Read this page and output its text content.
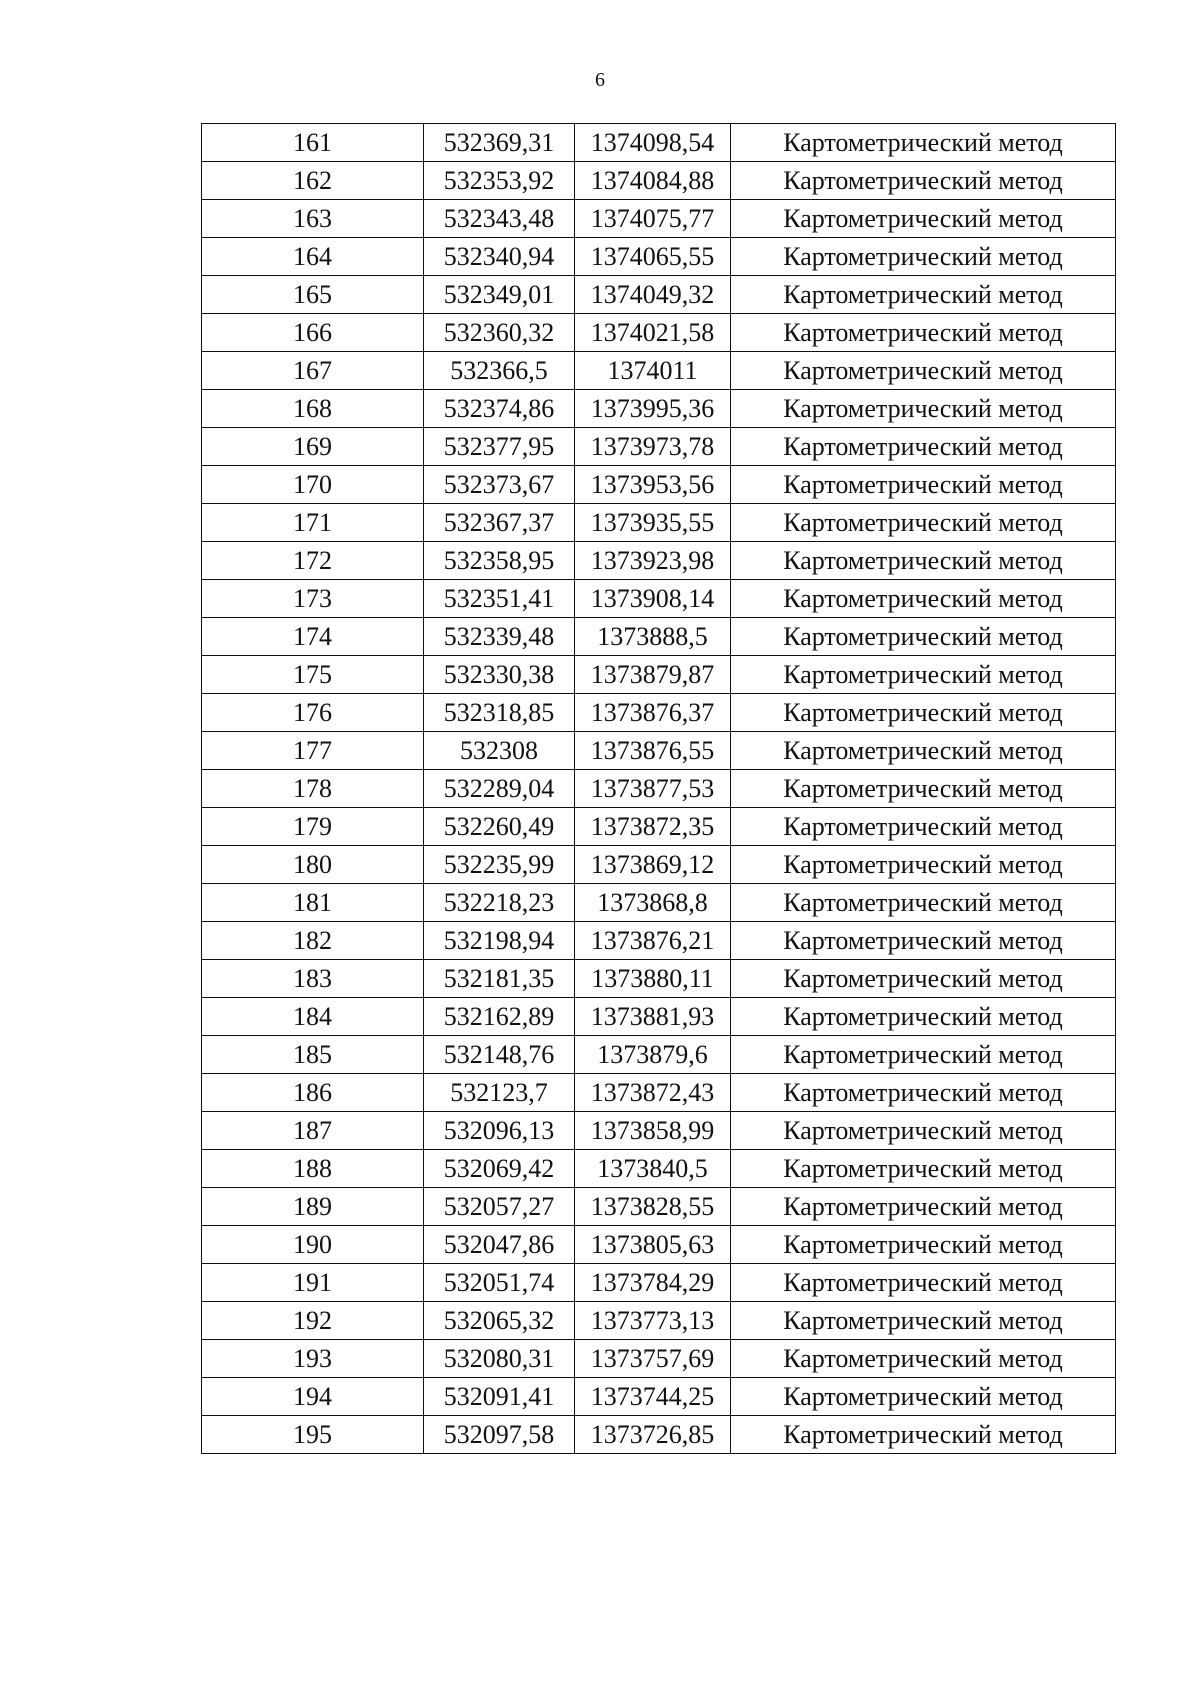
6
161	532369,31	1374098,54	Картометрический метод
162	532353,92	1374084,88	Картометрический метод
163	532343,48	1374075,77	Картометрический метод
164	532340,94	1374065,55	Картометрический метод
165	532349,01	1374049,32	Картометрический метод
166	532360,32	1374021,58	Картометрический метод
167	532366,5	1374011	Картометрический метод
168	532374,86	1373995,36	Картометрический метод
169	532377,95	1373973,78	Картометрический метод
170	532373,67	1373953,56	Картометрический метод
171	532367,37	1373935,55	Картометрический метод
172	532358,95	1373923,98	Картометрический метод
173	532351,41	1373908,14	Картометрический метод
174	532339,48	1373888,5	Картометрический метод
175	532330,38	1373879,87	Картометрический метод
176	532318,85	1373876,37	Картометрический метод
177	532308	1373876,55	Картометрический метод
178	532289,04	1373877,53	Картометрический метод
179	532260,49	1373872,35	Картометрический метод
180	532235,99	1373869,12	Картометрический метод
181	532218,23	1373868,8	Картометрический метод
182	532198,94	1373876,21	Картометрический метод
183	532181,35	1373880,11	Картометрический метод
184	532162,89	1373881,93	Картометрический метод
185	532148,76	1373879,6	Картометрический метод
186	532123,7	1373872,43	Картометрический метод
187	532096,13	1373858,99	Картометрический метод
188	532069,42	1373840,5	Картометрический метод
189	532057,27	1373828,55	Картометрический метод
190	532047,86	1373805,63	Картометрический метод
191	532051,74	1373784,29	Картометрический метод
192	532065,32	1373773,13	Картометрический метод
193	532080,31	1373757,69	Картометрический метод
194	532091,41	1373744,25	Картометрический метод
195	532097,58	1373726,85	Картометрический метод
